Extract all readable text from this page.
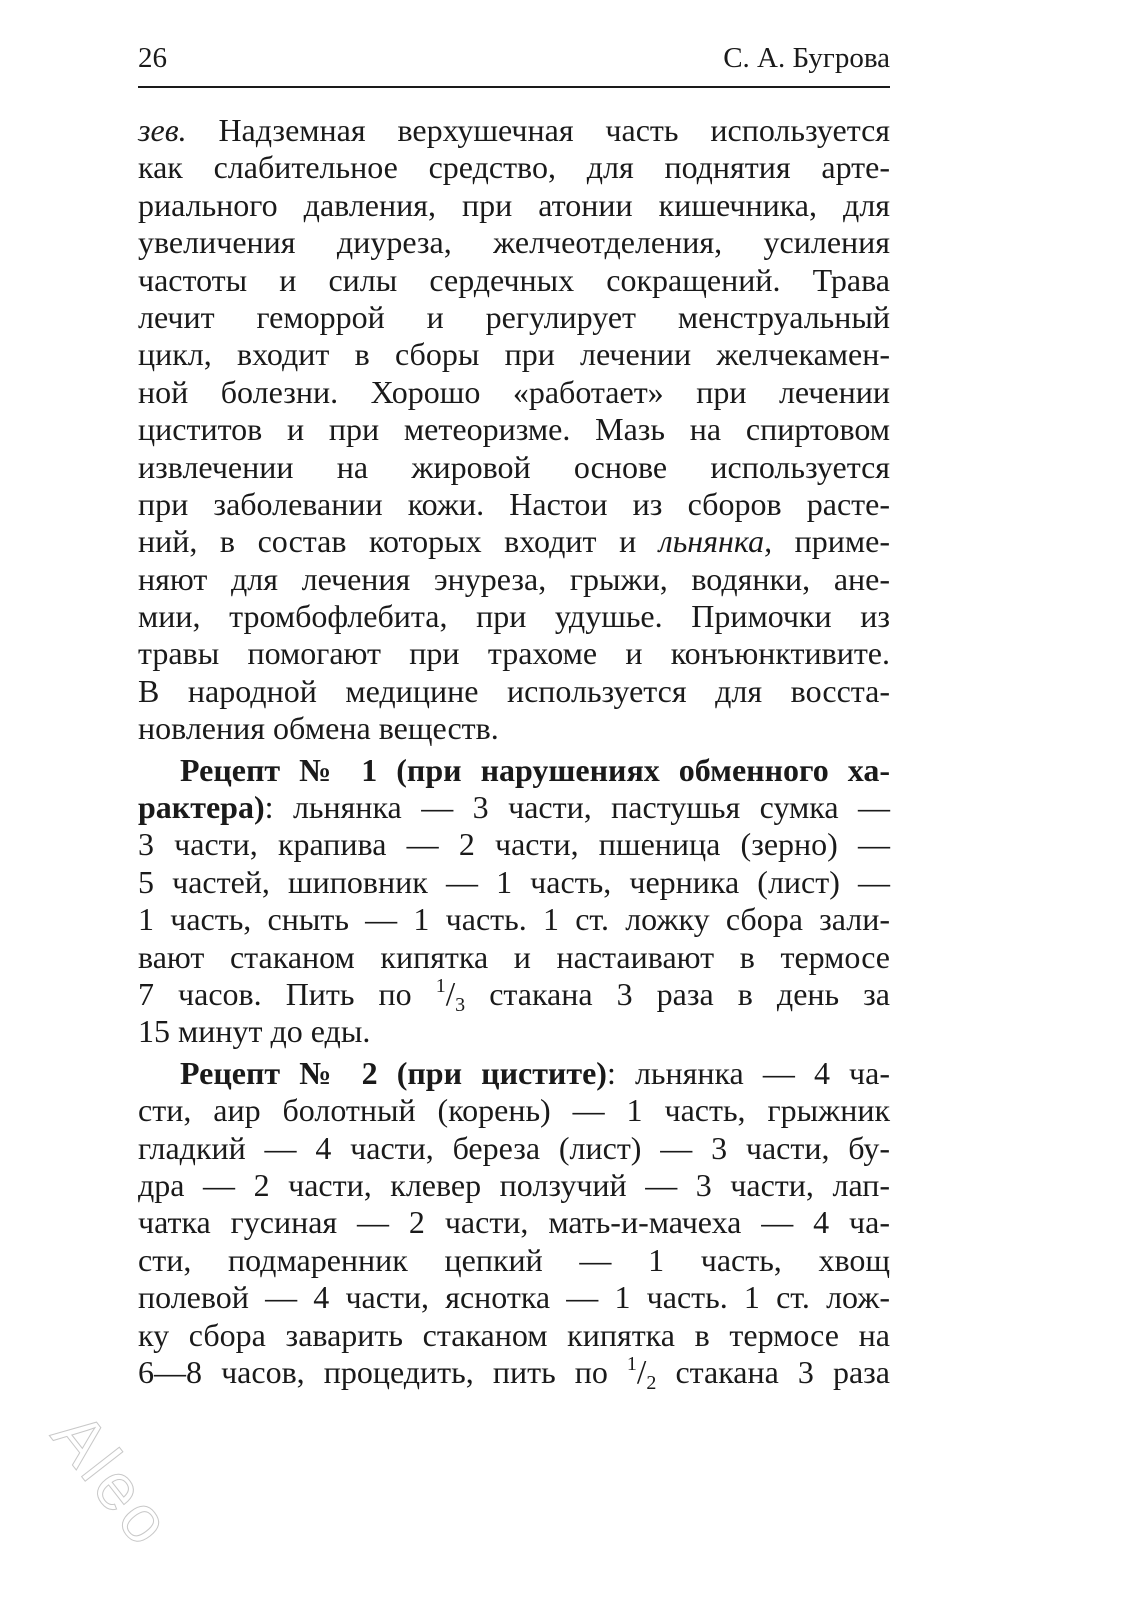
26	С. А. Бугрова
зев. Надземная верхушечная часть используется
как слабительное средство, для поднятия арте-
риального давления, при атонии кишечника, для
увеличения диуреза, желчеотделения, усиления
частоты и силы сердечных сокращений. Трава
лечит геморрой и регулирует менструальный
цикл, входит в сборы при лечении желчекамен-
ной болезни. Хорошо «работает» при лечении
циститов и при метеоризме. Мазь на спиртовом
извлечении на жировой основе используется
при заболевании кожи. Настои из сборов расте-
ний, в состав которых входит и льнянка, приме-
няют для лечения энуреза, грыжи, водянки, ане-
мии, тромбофлебита, при удушье. Примочки из
травы помогают при трахоме и конъюнктивите.
В народной медицине используется для восста-
новления обмена веществ.
Рецепт № 1 (при нарушениях обменного ха-
рактера): льнянка — 3 части, пастушья сумка —
3 части, крапива — 2 части, пшеница (зерно) —
5 частей, шиповник — 1 часть, черника (лист) —
1 часть, сныть — 1 часть. 1 ст. ложку сбора зали-
вают стаканом кипятка и настаивают в термосе
7 часов. Пить по $^1/_3$ стакана 3 раза в день за
15 минут до еды.
Рецепт № 2 (при цистите): льнянка — 4 ча-
сти, аир болотный (корень) — 1 часть, грыжник
гладкий — 4 части, береза (лист) — 3 части, бу-
дра — 2 части, клевер ползучий — 3 части, лап-
чатка гусиная — 2 части, мать-и-мачеха — 4 ча-
сти, подмаренник цепкий — 1 часть, хвощ
полевой — 4 части, яснотка — 1 часть. 1 ст. лож-
ку сбора заварить стаканом кипятка в термосе на
6—8 часов, процедить, пить по $^1/_2$ стакана 3 раза
Aleo
